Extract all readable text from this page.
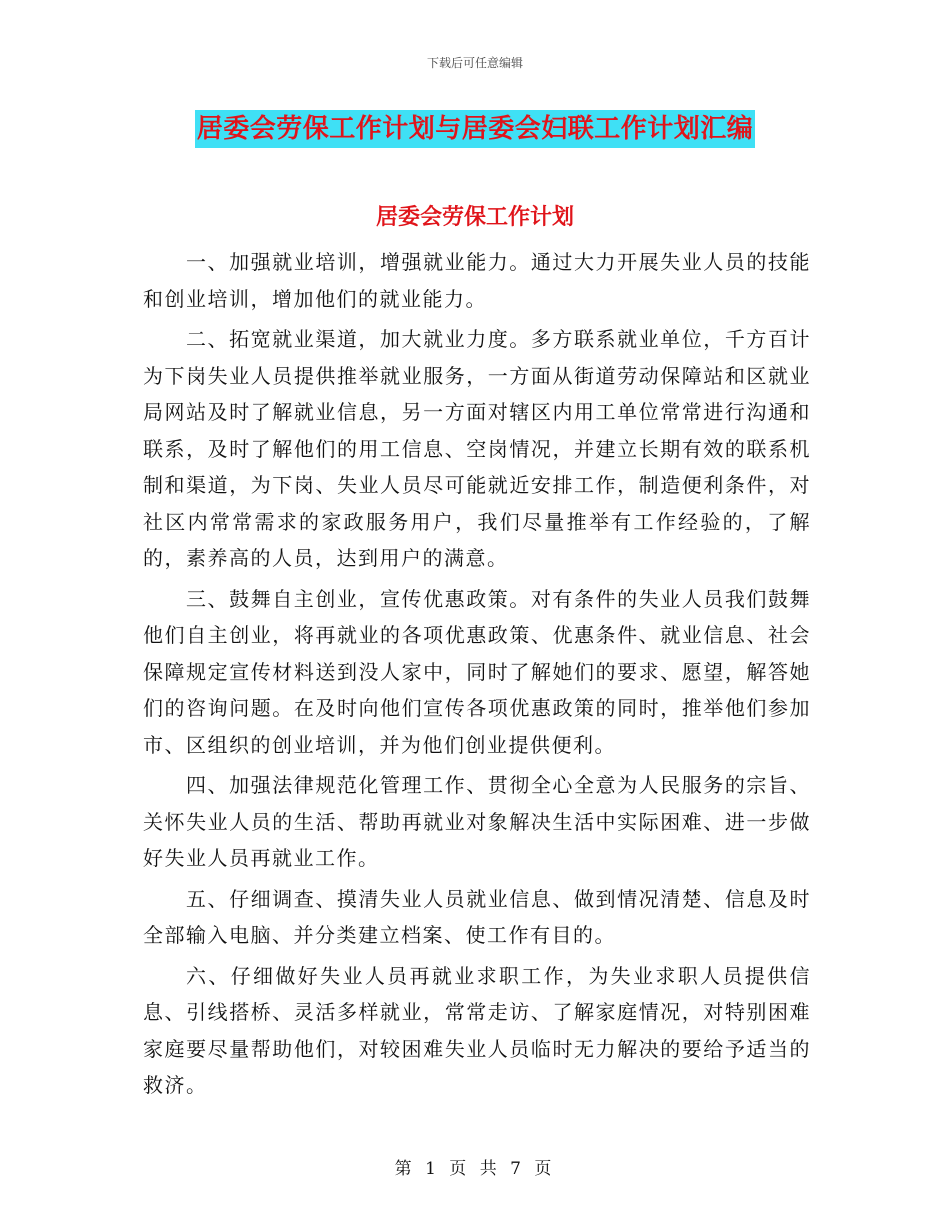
下载后可任意编辑
居委会劳保工作计划与居委会妇联工作计划汇编
居委会劳保工作计划

一、加强就业培训，增强就业能力。通过大力开展失业人员的技能和创业培训，增加他们的就业能力。

二、拓宽就业渠道，加大就业力度。多方联系就业单位，千方百计为下岗失业人员提供推举就业服务，一方面从街道劳动保障站和区就业局网站及时了解就业信息，另一方面对辖区内用工单位常常进行沟通和联系，及时了解他们的用工信息、空岗情况，并建立长期有效的联系机制和渠道，为下岗、失业人员尽可能就近安排工作，制造便利条件，对社区内常常需求的家政服务用户，我们尽量推举有工作经验的，了解的，素养高的人员，达到用户的满意。

三、鼓舞自主创业，宣传优惠政策。对有条件的失业人员我们鼓舞他们自主创业，将再就业的各项优惠政策、优惠条件、就业信息、社会保障规定宣传材料送到没人家中，同时了解她们的要求、愿望，解答她们的咨询问题。在及时向他们宣传各项优惠政策的同时，推举他们参加市、区组织的创业培训，并为他们创业提供便利。

四、加强法律规范化管理工作、贯彻全心全意为人民服务的宗旨、关怀失业人员的生活、帮助再就业对象解决生活中实际困难、进一步做好失业人员再就业工作。

五、仔细调查、摸清失业人员就业信息、做到情况清楚、信息及时全部输入电脑、并分类建立档案、使工作有目的。

六、仔细做好失业人员再就业求职工作，为失业求职人员提供信息、引线搭桥、灵活多样就业，常常走访、了解家庭情况，对特别困难家庭要尽量帮助他们，对较困难失业人员临时无力解决的要给予适当的救济。

第 1 页 共 7 页
